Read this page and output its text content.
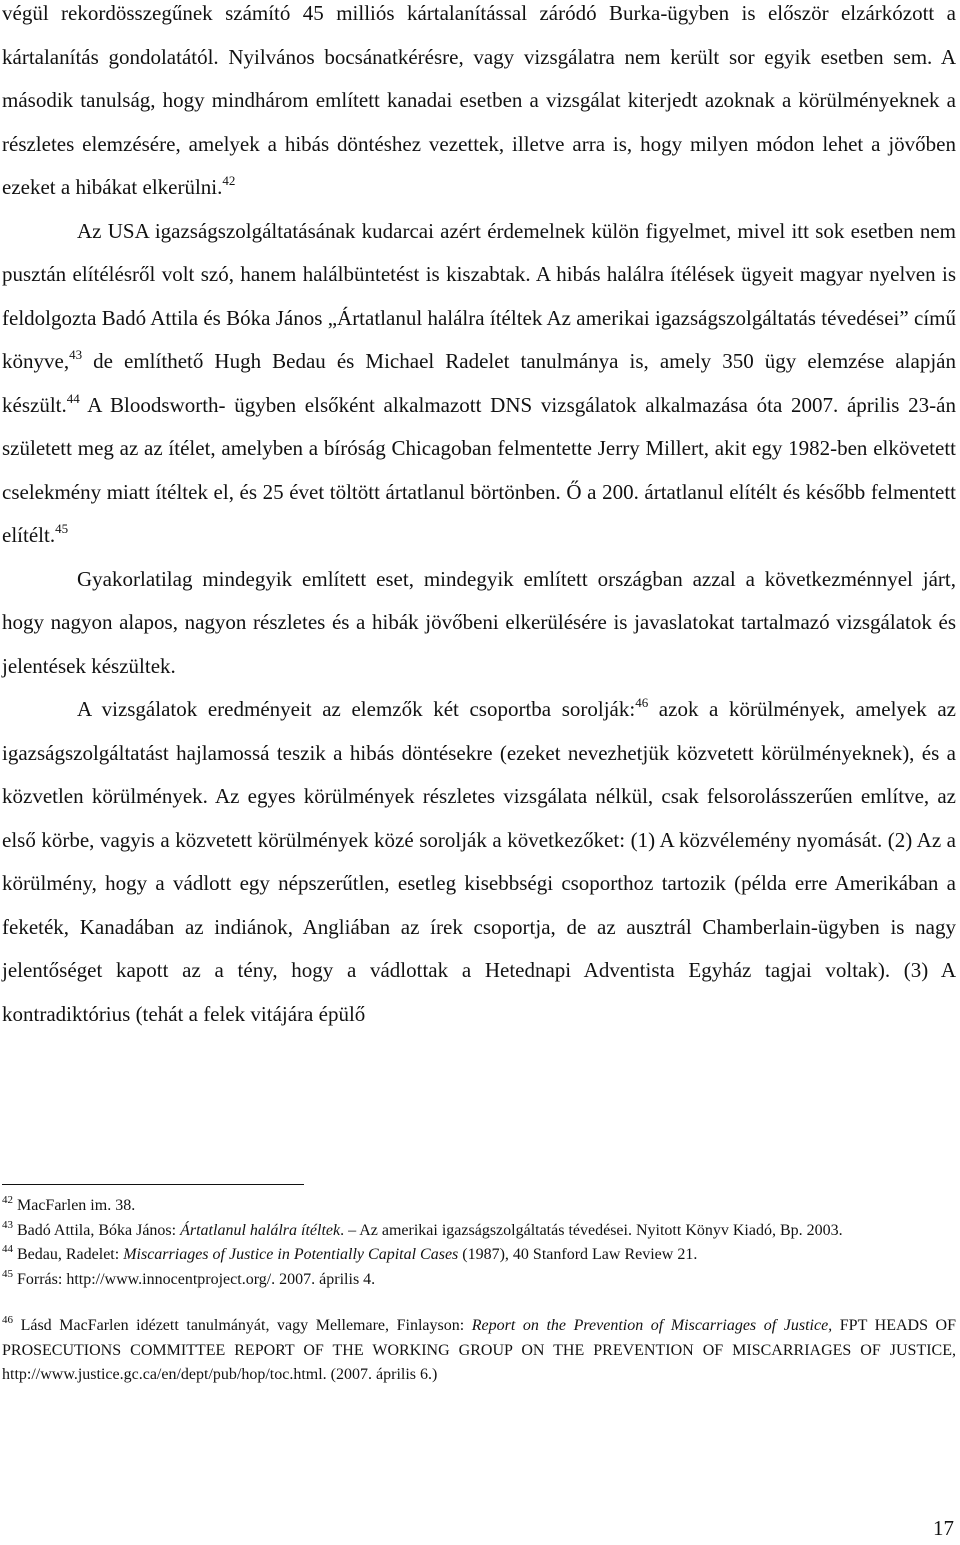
végül rekordösszegűnek számító 45 milliós kártalanítással záródó Burka-ügyben is először elzárkózott a kártalanítás gondolatától. Nyilvános bocsánatkérésre, vagy vizsgálatra nem került sor egyik esetben sem. A második tanulság, hogy mindhárom említett kanadai esetben a vizsgálat kiterjedt azoknak a körülményeknek a részletes elemzésére, amelyek a hibás döntéshez vezettek, illetve arra is, hogy milyen módon lehet a jövőben ezeket a hibákat elkerülni.$^{42}$

Az USA igazságszolgáltatásának kudarcai azért érdemelnek külön figyelmet, mivel itt sok esetben nem pusztán elítélésről volt szó, hanem halálbüntetést is kiszabtak. A hibás halálra ítélések ügyeit magyar nyelven is feldolgozta Badó Attila és Bóka János „Ártatlanul halálra ítéltek Az amerikai igazságszolgáltatás tévedései” című könyve,$^{43}$ de említhető Hugh Bedau és Michael Radelet tanulmánya is, amely 350 ügy elemzése alapján készült.$^{44}$ A Bloodsworth- ügyben elsőként alkalmazott DNS vizsgálatok alkalmazása óta 2007. április 23-án született meg az az ítélet, amelyben a bíróság Chicagoban felmentette Jerry Millert, akit egy 1982-ben elkövetett cselekmény miatt ítéltek el, és 25 évet töltött ártatlanul börtönben. Ő a 200. ártatlanul elítélt és később felmentett elítélt.$^{45}$

Gyakorlatilag mindegyik említett eset, mindegyik említett országban azzal a következménnyel járt, hogy nagyon alapos, nagyon részletes és a hibák jövőbeni elkerülésére is javaslatokat tartalmazó vizsgálatok és jelentések készültek.

A vizsgálatok eredményeit az elemzők két csoportba sorolják:$^{46}$ azok a körülmények, amelyek az igazságszolgáltatást hajlamossá teszik a hibás döntésekre (ezeket nevezhetjük közvetett körülményeknek), és a közvetlen körülmények. Az egyes körülmények részletes vizsgálata nélkül, csak felsorolásszerűen említve, az első körbe, vagyis a közvetett körülmények közé sorolják a következőket: (1) A közvélemény nyomását. (2) Az a körülmény, hogy a vádlott egy népszerűtlen, esetleg kisebbségi csoporthoz tartozik (példa erre Amerikában a feketék, Kanadában az indiánok, Angliában az írek csoportja, de az ausztrál Chamberlain-ügyben is nagy jelentőséget kapott az a tény, hogy a vádlottak a Hetednapi Adventista Egyház tagjai voltak). (3) A kontradiktórius (tehát a felek vitájára épülő

$^{42}$ MacFarlen im. 38.

$^{43}$ Badó Attila, Bóka János: Ártatlanul halálra ítéltek. – Az amerikai igazságszolgáltatás tévedései. Nyitott Könyv Kiadó, Bp. 2003.

$^{44}$ Bedau, Radelet: Miscarriages of Justice in Potentially Capital Cases (1987), 40 Stanford Law Review 21.

$^{45}$ Forrás: http://www.innocentproject.org/. 2007. április 4.

$^{46}$ Lásd MacFarlen idézett tanulmányát, vagy Mellemare, Finlayson: Report on the Prevention of Miscarriages of Justice, FPT HEADS OF PROSECUTIONS COMMITTEE REPORT OF THE WORKING GROUP ON THE PREVENTION OF MISCARRIAGES OF JUSTICE, http://www.justice.gc.ca/en/dept/pub/hop/toc.html. (2007. április 6.)

17
